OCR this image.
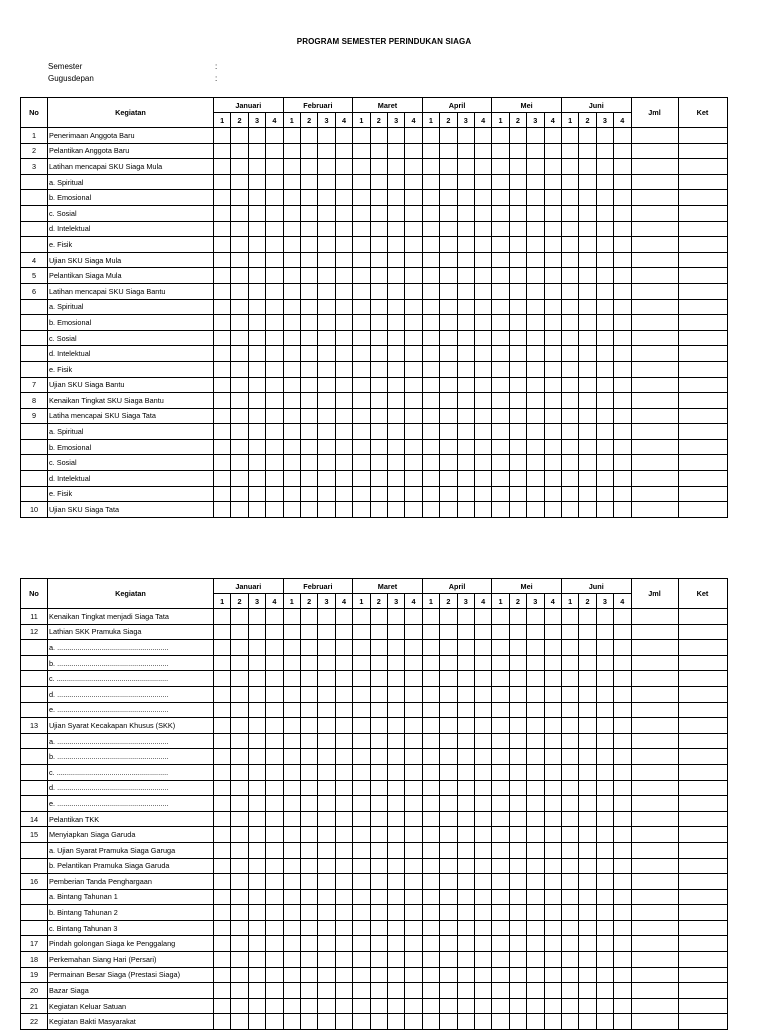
PROGRAM SEMESTER PERINDUKAN SIAGA
Semester	:
Gugusdepan	:
No	Kegiatan	Januari				Februari				Maret				April				Mei				Juni				Jml	Ket
		1	2	3	4	1	2	3	4	1	2	3	4	1	2	3	4	1	2	3	4	1	2	3	4		
1	Penerimaan Anggota Baru																										
2	Pelantikan Anggota Baru																										
3	Latihan mencapai SKU Siaga Mula																										
	a. Spiritual																										
	b. Emosional																										
	c. Sosial																										
	d. Intelektual																										
	e. Fisik																										
4	Ujian SKU Siaga Mula																										
5	Pelantikan Siaga Mula																										
6	Latihan mencapai SKU Siaga Bantu																										
	a. Spiritual																										
	b. Emosional																										
	c. Sosial																										
	d. Intelektual																										
	e. Fisik																										
7	Ujian SKU Siaga Bantu																										
8	Kenaikan Tingkat SKU Siaga Bantu																										
9	Latiha mencapai SKU Siaga Tata																										
	a. Spiritual																										
	b. Emosional																										
	c. Sosial																										
	d. Intelektual																										
	e. Fisik																										
10	Ujian SKU Siaga Tata																										
No	Kegiatan	Januari				Februari				Maret				April				Mei				Juni				Jml	Ket
		1	2	3	4	1	2	3	4	1	2	3	4	1	2	3	4	1	2	3	4	1	2	3	4		
11	Kenaikan Tingkat menjadi Siaga Tata																										
12	Lathian SKK Pramuka Siaga																										
	a. .......................................................																										
	b. .......................................................																										
	c. .......................................................																										
	d. .......................................................																										
	e. .......................................................																										
13	Ujian Syarat Kecakapan Khusus (SKK)																										
	a. .......................................................																										
	b. .......................................................																										
	c. .......................................................																										
	d. .......................................................																										
	e. .......................................................																										
14	Pelantikan TKK																										
15	Menyiapkan Siaga Garuda																										
	a. Ujian Syarat Pramuka Siaga Garuga																										
	b. Pelantikan Pramuka Siaga Garuda																										
16	Pemberian Tanda Penghargaan																										
	a. Bintang Tahunan 1																										
	b. Bintang Tahunan 2																										
	c. Bintang Tahunan 3																										
17	Pindah golongan Siaga ke Penggalang																										
18	Perkemahan Siang Hari (Persari)																										
19	Permainan Besar Siaga (Prestasi Siaga)																										
20	Bazar Siaga																										
21	Kegiatan Keluar Satuan																										
22	Kegiatan Bakti Masyarakat																										
